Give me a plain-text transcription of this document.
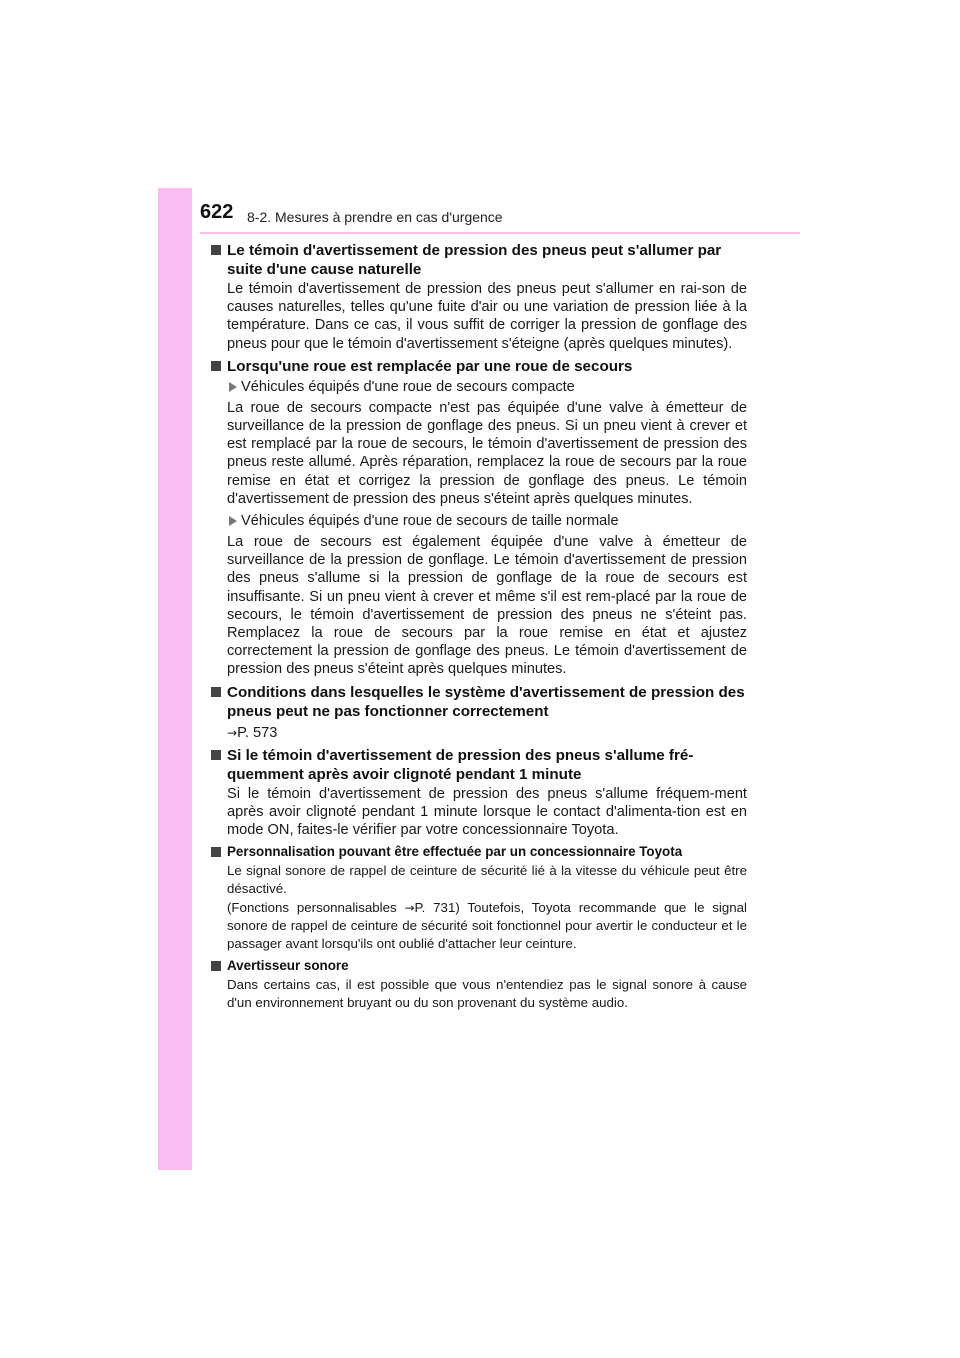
622 8-2. Mesures à prendre en cas d'urgence
Le témoin d'avertissement de pression des pneus peut s'allumer par suite d'une cause naturelle

Le témoin d'avertissement de pression des pneus peut s'allumer en rai-son de causes naturelles, telles qu'une fuite d'air ou une variation de pression liée à la température. Dans ce cas, il vous suffit de corriger la pression de gonflage des pneus pour que le témoin d'avertissement s'éteigne (après quelques minutes).

Lorsqu'une roue est remplacée par une roue de secours
Véhicules équipés d'une roue de secours compacte

La roue de secours compacte n'est pas équipée d'une valve à émetteur de surveillance de la pression de gonflage des pneus. Si un pneu vient à crever et est remplacé par la roue de secours, le témoin d'avertissement de pression des pneus reste allumé. Après réparation, remplacez la roue de secours par la roue remise en état et corrigez la pression de gonflage des pneus. Le témoin d'avertissement de pression des pneus s'éteint après quelques minutes.

Véhicules équipés d'une roue de secours de taille normale

La roue de secours est également équipée d'une valve à émetteur de surveillance de la pression de gonflage. Le témoin d'avertissement de pression des pneus s'allume si la pression de gonflage de la roue de secours est insuffisante. Si un pneu vient à crever et même s'il est rem-placé par la roue de secours, le témoin d'avertissement de pression des pneus ne s'éteint pas. Remplacez la roue de secours par la roue remise en état et ajustez correctement la pression de gonflage des pneus. Le témoin d'avertissement de pression des pneus s'éteint après quelques minutes.

Conditions dans lesquelles le système d'avertissement de pression des pneus peut ne pas fonctionner correctement
→P. 573
Si le témoin d'avertissement de pression des pneus s'allume fré-quemment après avoir clignoté pendant 1 minute

Si le témoin d'avertissement de pression des pneus s'allume fréquem-ment après avoir clignoté pendant 1 minute lorsque le contact d'alimenta-tion est en mode ON, faites-le vérifier par votre concessionnaire Toyota.

Personnalisation pouvant être effectuée par un concessionnaire Toyota

Le signal sonore de rappel de ceinture de sécurité lié à la vitesse du véhicule peut être désactivé.

(Fonctions personnalisables →P. 731) Toutefois, Toyota recommande que le signal sonore de rappel de ceinture de sécurité soit fonctionnel pour avertir le conducteur et le passager avant lorsqu'ils ont oublié d'attacher leur ceinture.

Avertisseur sonore

Dans certains cas, il est possible que vous n'entendiez pas le signal sonore à cause d'un environnement bruyant ou du son provenant du système audio.
